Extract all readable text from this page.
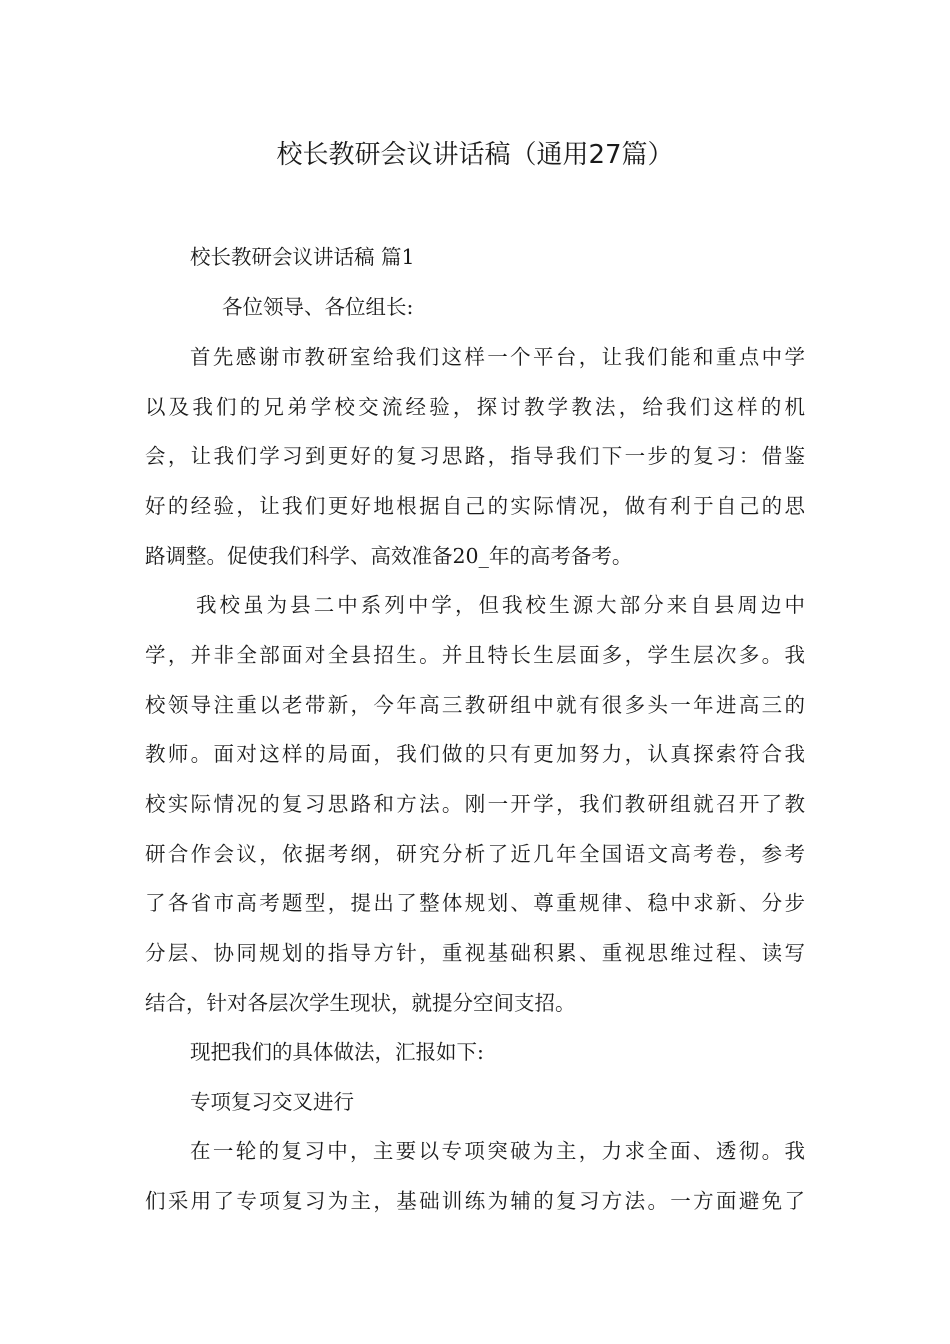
校长教研会议讲话稿（通用27篇）
校长教研会议讲话稿 篇1
各位领导、各位组长:
首先感谢市教研室给我们这样一个平台，让我们能和重点中学
以及我们的兄弟学校交流经验，探讨教学教法，给我们这样的机
会，让我们学习到更好的复习思路，指导我们下一步的复习：借鉴
好的经验，让我们更好地根据自己的实际情况，做有利于自己的思
路调整。促使我们科学、高效准备20_年的高考备考。
我校虽为县二中系列中学，但我校生源大部分来自县周边中
学，并非全部面对全县招生。并且特长生层面多，学生层次多。我
校领导注重以老带新，今年高三教研组中就有很多头一年进高三的
教师。面对这样的局面，我们做的只有更加努力，认真探索符合我
校实际情况的复习思路和方法。刚一开学，我们教研组就召开了教
研合作会议，依据考纲，研究分析了近几年全国语文高考卷，参考
了各省市高考题型，提出了整体规划、尊重规律、稳中求新、分步
分层、协同规划的指导方针，重视基础积累、重视思维过程、读写
结合，针对各层次学生现状，就提分空间支招。
现把我们的具体做法，汇报如下:
专项复习交叉进行
在一轮的复习中，主要以专项突破为主，力求全面、透彻。我
们采用了专项复习为主，基础训练为辅的复习方法。一方面避免了
